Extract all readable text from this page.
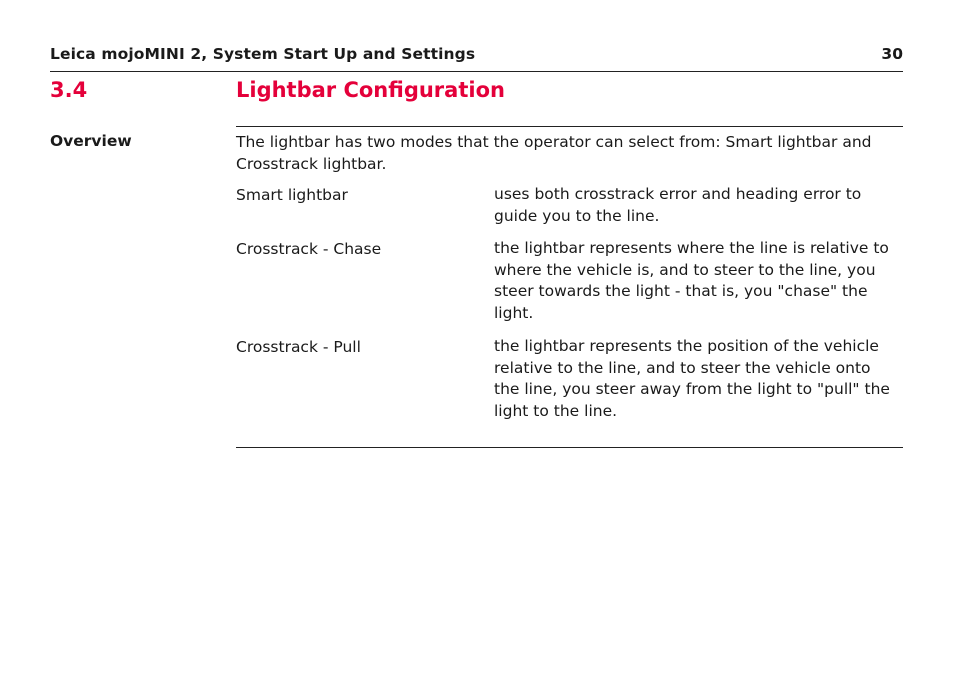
Leica mojoMINI 2, System Start Up and Settings	30
3.4	Lightbar Configuration
Overview	The lightbar has two modes that the operator can select from: Smart lightbar and Crosstrack lightbar.

Smart lightbar	uses both crosstrack error and heading error to guide you to the line.
Crosstrack - Chase	the lightbar represents where the line is relative to where the vehicle is, and to steer to the line, you steer towards the light - that is, you "chase" the light.
Crosstrack - Pull	the lightbar represents the position of the vehicle relative to the line, and to steer the vehicle onto the line, you steer away from the light to "pull" the light to the line.
